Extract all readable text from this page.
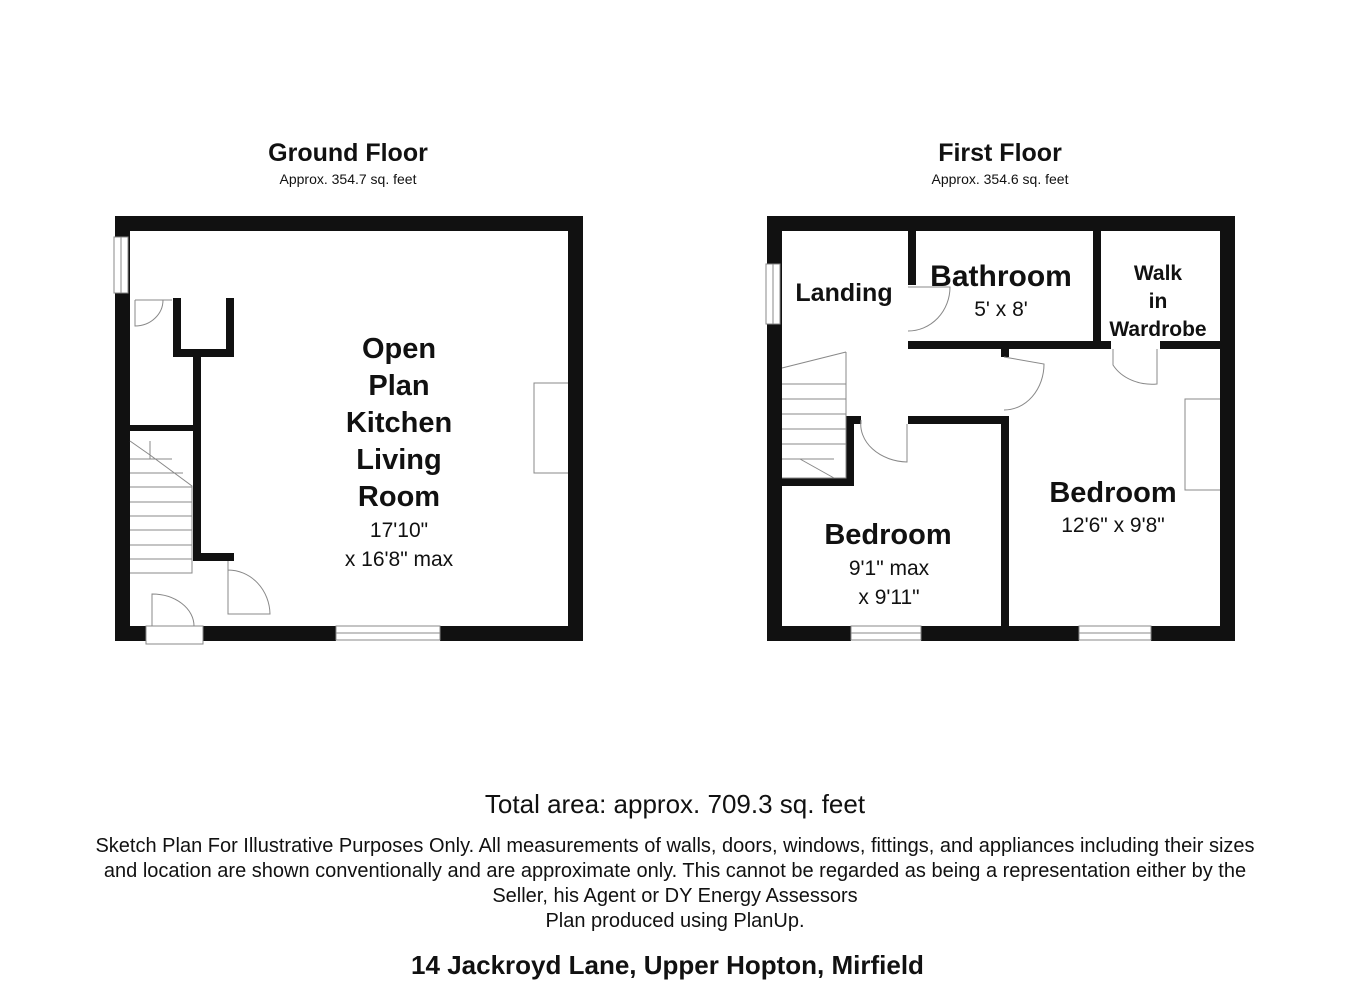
Ground Floor
Approx. 354.7 sq. feet
First Floor
Approx. 354.6 sq. feet
Open
Plan
Kitchen
Living
Room
17'10"
x 16'8" max
Landing Bathroom
5' x 8'
Walk
in
Wardrobe
Bedroom
9'1" max
x 9'11"
Bedroom
12'6" x 9'8"
Total area: approx. 709.3 sq. feet
Sketch Plan For Illustrative Purposes Only. All measurements of walls, doors, windows, fittings, and appliances including their sizes
and location are shown conventionally and are approximate only. This cannot be regarded as being a representation either by the
Seller, his Agent or DY Energy Assessors
Plan produced using PlanUp.
14 Jackroyd Lane, Upper Hopton, Mirfield
